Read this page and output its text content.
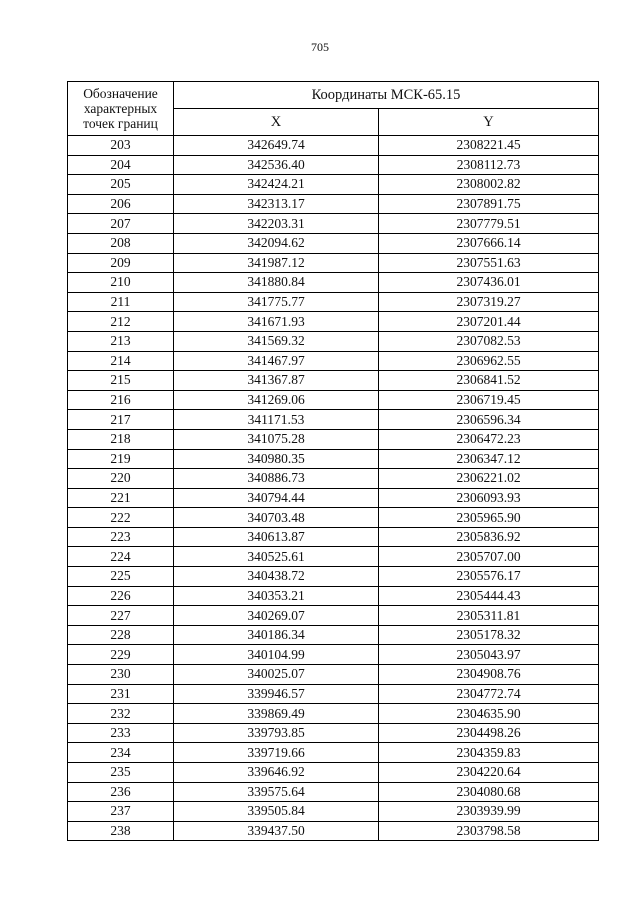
705
Обозначение характерных точек границ	Координаты МСК-65.15	
	X	Y
203	342649.74	2308221.45
204	342536.40	2308112.73
205	342424.21	2308002.82
206	342313.17	2307891.75
207	342203.31	2307779.51
208	342094.62	2307666.14
209	341987.12	2307551.63
210	341880.84	2307436.01
211	341775.77	2307319.27
212	341671.93	2307201.44
213	341569.32	2307082.53
214	341467.97	2306962.55
215	341367.87	2306841.52
216	341269.06	2306719.45
217	341171.53	2306596.34
218	341075.28	2306472.23
219	340980.35	2306347.12
220	340886.73	2306221.02
221	340794.44	2306093.93
222	340703.48	2305965.90
223	340613.87	2305836.92
224	340525.61	2305707.00
225	340438.72	2305576.17
226	340353.21	2305444.43
227	340269.07	2305311.81
228	340186.34	2305178.32
229	340104.99	2305043.97
230	340025.07	2304908.76
231	339946.57	2304772.74
232	339869.49	2304635.90
233	339793.85	2304498.26
234	339719.66	2304359.83
235	339646.92	2304220.64
236	339575.64	2304080.68
237	339505.84	2303939.99
238	339437.50	2303798.58
